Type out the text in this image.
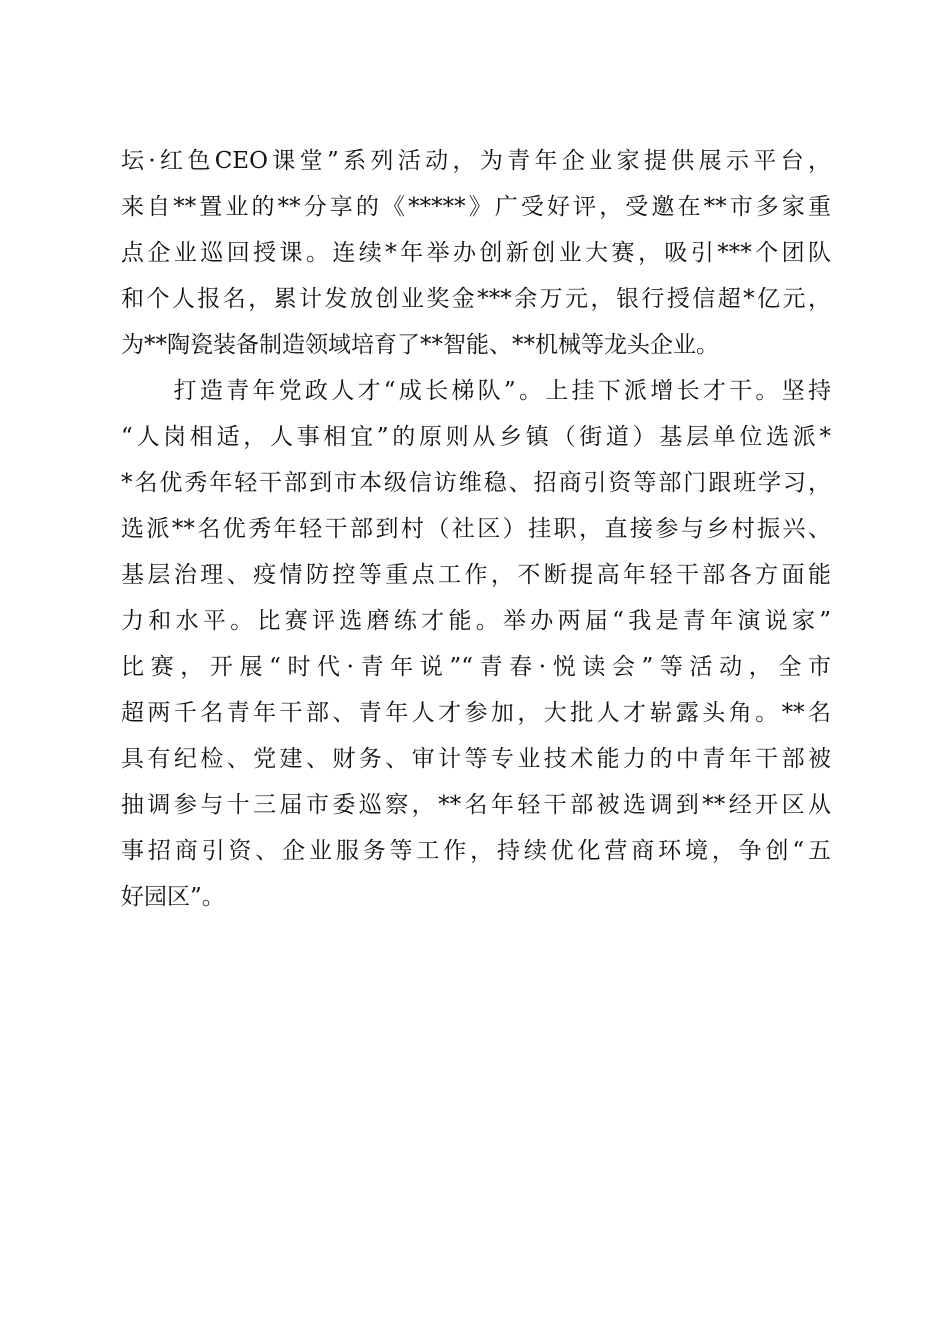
坛·红色CEO课堂”系列活动，为青年企业家提供展示平台，
来自**置业的**分享的《*****》广受好评，受邀在**市多家重
点企业巡回授课。连续*年举办创新创业大赛，吸引***个团队
和个人报名，累计发放创业奖金***余万元，银行授信超*亿元，
为**陶瓷装备制造领域培育了**智能、**机械等龙头企业。
　　打造青年党政人才“成长梯队”。上挂下派增长才干。坚持
“人岗相适，人事相宜”的原则从乡镇（街道）基层单位选派*
*名优秀年轻干部到市本级信访维稳、招商引资等部门跟班学习，
选派**名优秀年轻干部到村（社区）挂职，直接参与乡村振兴、
基层治理、疫情防控等重点工作，不断提高年轻干部各方面能
力和水平。比赛评选磨练才能。举办两届“我是青年演说家”
比赛，开展“时代·青年说”“青春·悦读会”等活动，全市
超两千名青年干部、青年人才参加，大批人才崭露头角。**名
具有纪检、党建、财务、审计等专业技术能力的中青年干部被
抽调参与十三届市委巡察，**名年轻干部被选调到**经开区从
事招商引资、企业服务等工作，持续优化营商环境，争创“五
好园区”。
